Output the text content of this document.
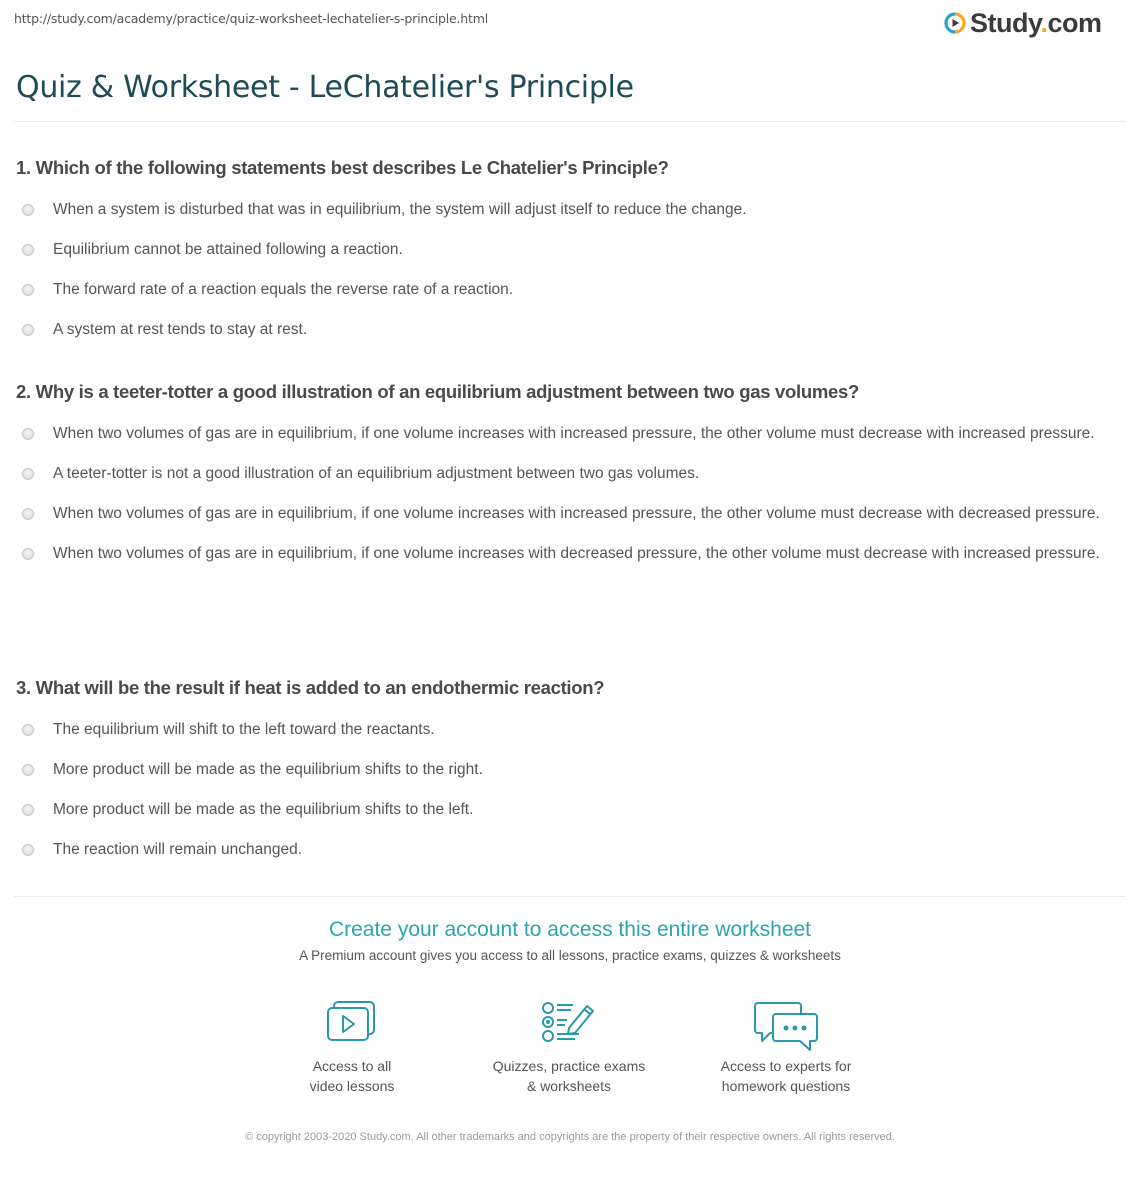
http://study.com/academy/practice/quiz-worksheet-lechatelier-s-principle.html	Study.com
Quiz & Worksheet - LeChatelier's Principle
1. Which of the following statements best describes Le Chatelier's Principle?
When a system is disturbed that was in equilibrium, the system will adjust itself to reduce the change.
Equilibrium cannot be attained following a reaction.
The forward rate of a reaction equals the reverse rate of a reaction.
A system at rest tends to stay at rest.
2. Why is a teeter-totter a good illustration of an equilibrium adjustment between two gas volumes?
When two volumes of gas are in equilibrium, if one volume increases with increased pressure, the other volume must decrease with increased pressure.
A teeter-totter is not a good illustration of an equilibrium adjustment between two gas volumes.
When two volumes of gas are in equilibrium, if one volume increases with increased pressure, the other volume must decrease with decreased pressure.
When two volumes of gas are in equilibrium, if one volume increases with decreased pressure, the other volume must decrease with increased pressure.
3. What will be the result if heat is added to an endothermic reaction?
The equilibrium will shift to the left toward the reactants.
More product will be made as the equilibrium shifts to the right.
More product will be made as the equilibrium shifts to the left.
The reaction will remain unchanged.
Create your account to access this entire worksheet
A Premium account gives you access to all lessons, practice exams, quizzes & worksheets
Access to all
video lessons
Quizzes, practice exams
& worksheets
Access to experts for
homework questions
© copyright 2003-2020 Study.com. All other trademarks and copyrights are the property of their respective owners. All rights reserved.
